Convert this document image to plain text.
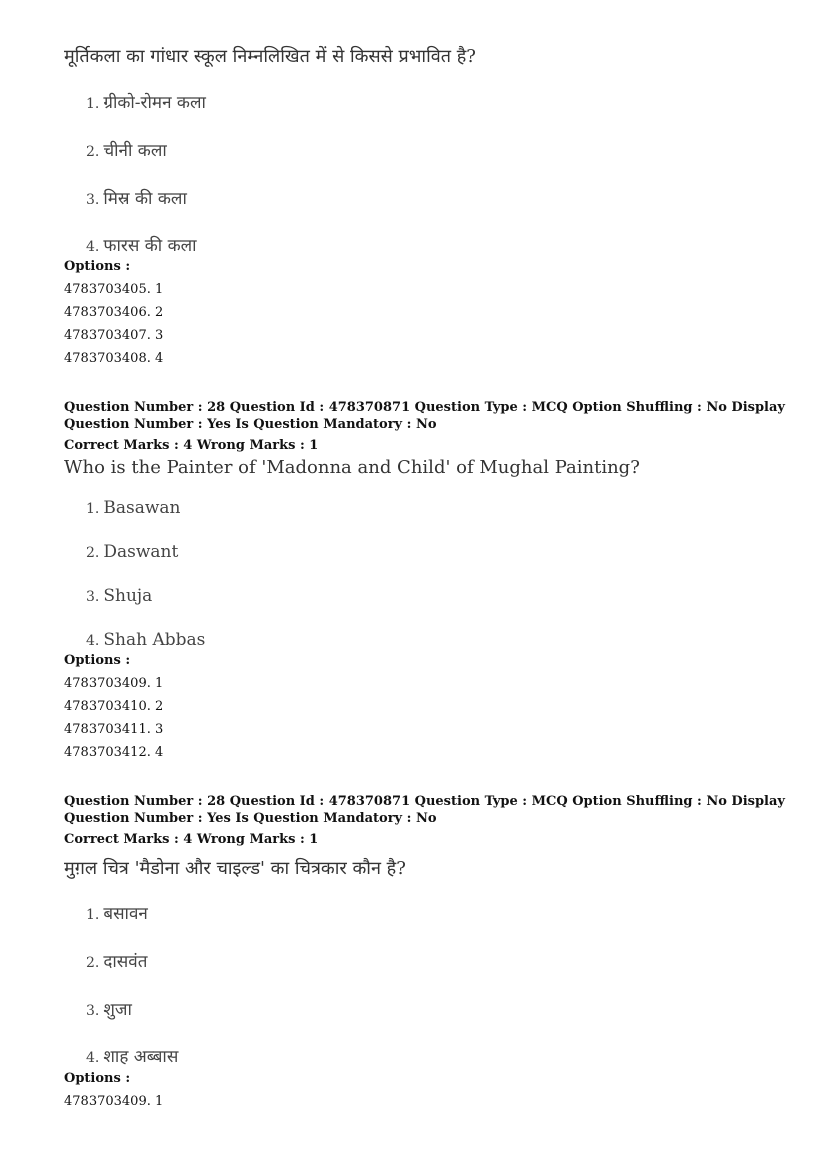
मूर्तिकला का गांधार स्कूल निम्नलिखित में से किससे प्रभावित है?
1. ग्रीको-रोमन कला
2. चीनी कला
3. मिस्र की कला
4. फारस की कला
Options :
4783703405. 1
4783703406. 2
4783703407. 3
4783703408. 4
Question Number : 28 Question Id : 478370871 Question Type : MCQ Option Shuffling : No Display
Question Number : Yes Is Question Mandatory : No
Correct Marks : 4 Wrong Marks : 1
Who is the Painter of 'Madonna and Child' of Mughal Painting?
1. Basawan
2. Daswant
3. Shuja
4. Shah Abbas
Options :
4783703409. 1
4783703410. 2
4783703411. 3
4783703412. 4
Question Number : 28 Question Id : 478370871 Question Type : MCQ Option Shuffling : No Display
Question Number : Yes Is Question Mandatory : No
Correct Marks : 4 Wrong Marks : 1
मुग़ल चित्र 'मैडोना और चाइल्ड' का चित्रकार कौन है?
1. बसावन
2. दासवंत
3. शुजा
4. शाह अब्बास
Options :
4783703409. 1
